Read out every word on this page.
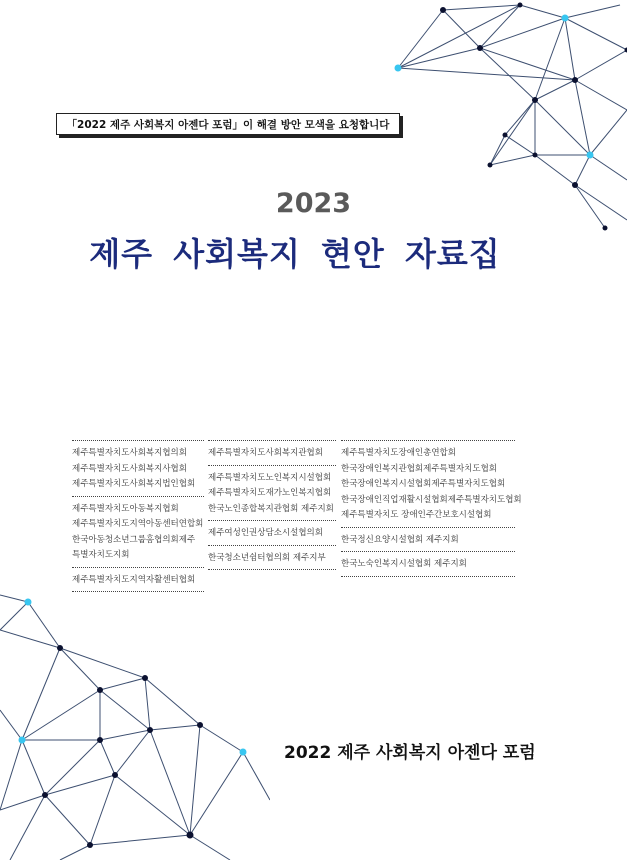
「2022 제주 사회복지 아젠다 포럼」이 해결 방안 모색을 요청합니다
2023
제주 사회복지 현안 자료집
제주특별자치도사회복지협의회
제주특별자치도사회복지사협회
제주특별자치도사회복지법인협회
제주특별자치도아동복지협회
제주특별자치도지역아동센터연합회
한국아동청소년그룹홈협의회제주
특별자치도지회
제주특별자치도지역자활센터협회
제주특별자치도사회복지관협회
제주특별자치도노인복지시설협회
제주특별자치도재가노인복지협회
한국노인종합복지관협회 제주지회
제주여성인권상담소시설협의회
한국청소년쉼터협의회 제주지부
제주특별자치도장애인총연합회
한국장애인복지관협회제주특별자치도협회
한국장애인복지시설협회제주특별자치도협회
한국장애인직업재활시설협회제주특별자치도협회
제주특별자치도 장애인주간보호시설협회
한국정신요양시설협회 제주지회
한국노숙인복지시설협회 제주지회
2022 제주 사회복지 아젠다 포럼
